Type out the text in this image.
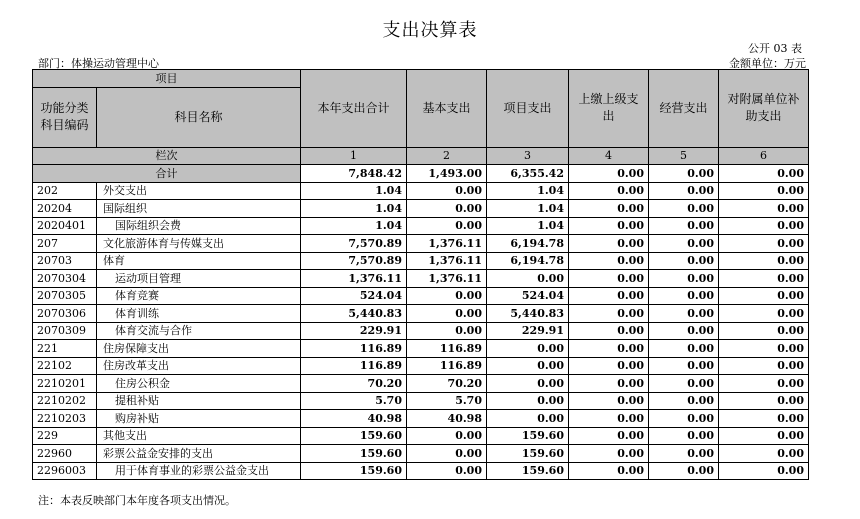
支出决算表
公开 03 表
部门：体操运动管理中心	金额单位：万元
项目		本年支出合计	基本支出	项目支出	上缴上级支出	经营支出	对附属单位补助支出
功能分类科目编码	科目名称						
栏次		1	2	3	4	5	6
合计		7,848.42	1,493.00	6,355.42	0.00	0.00	0.00
202	外交支出	1.04	0.00	1.04	0.00	0.00	0.00
20204	国际组织	1.04	0.00	1.04	0.00	0.00	0.00
2020401	国际组织会费	1.04	0.00	1.04	0.00	0.00	0.00
207	文化旅游体育与传媒支出	7,570.89	1,376.11	6,194.78	0.00	0.00	0.00
20703	体育	7,570.89	1,376.11	6,194.78	0.00	0.00	0.00
2070304	运动项目管理	1,376.11	1,376.11	0.00	0.00	0.00	0.00
2070305	体育竞赛	524.04	0.00	524.04	0.00	0.00	0.00
2070306	体育训练	5,440.83	0.00	5,440.83	0.00	0.00	0.00
2070309	体育交流与合作	229.91	0.00	229.91	0.00	0.00	0.00
221	住房保障支出	116.89	116.89	0.00	0.00	0.00	0.00
22102	住房改革支出	116.89	116.89	0.00	0.00	0.00	0.00
2210201	住房公积金	70.20	70.20	0.00	0.00	0.00	0.00
2210202	提租补贴	5.70	5.70	0.00	0.00	0.00	0.00
2210203	购房补贴	40.98	40.98	0.00	0.00	0.00	0.00
229	其他支出	159.60	0.00	159.60	0.00	0.00	0.00
22960	彩票公益金安排的支出	159.60	0.00	159.60	0.00	0.00	0.00
2296003	用于体育事业的彩票公益金支出	159.60	0.00	159.60	0.00	0.00	0.00
注：本表反映部门本年度各项支出情况。
